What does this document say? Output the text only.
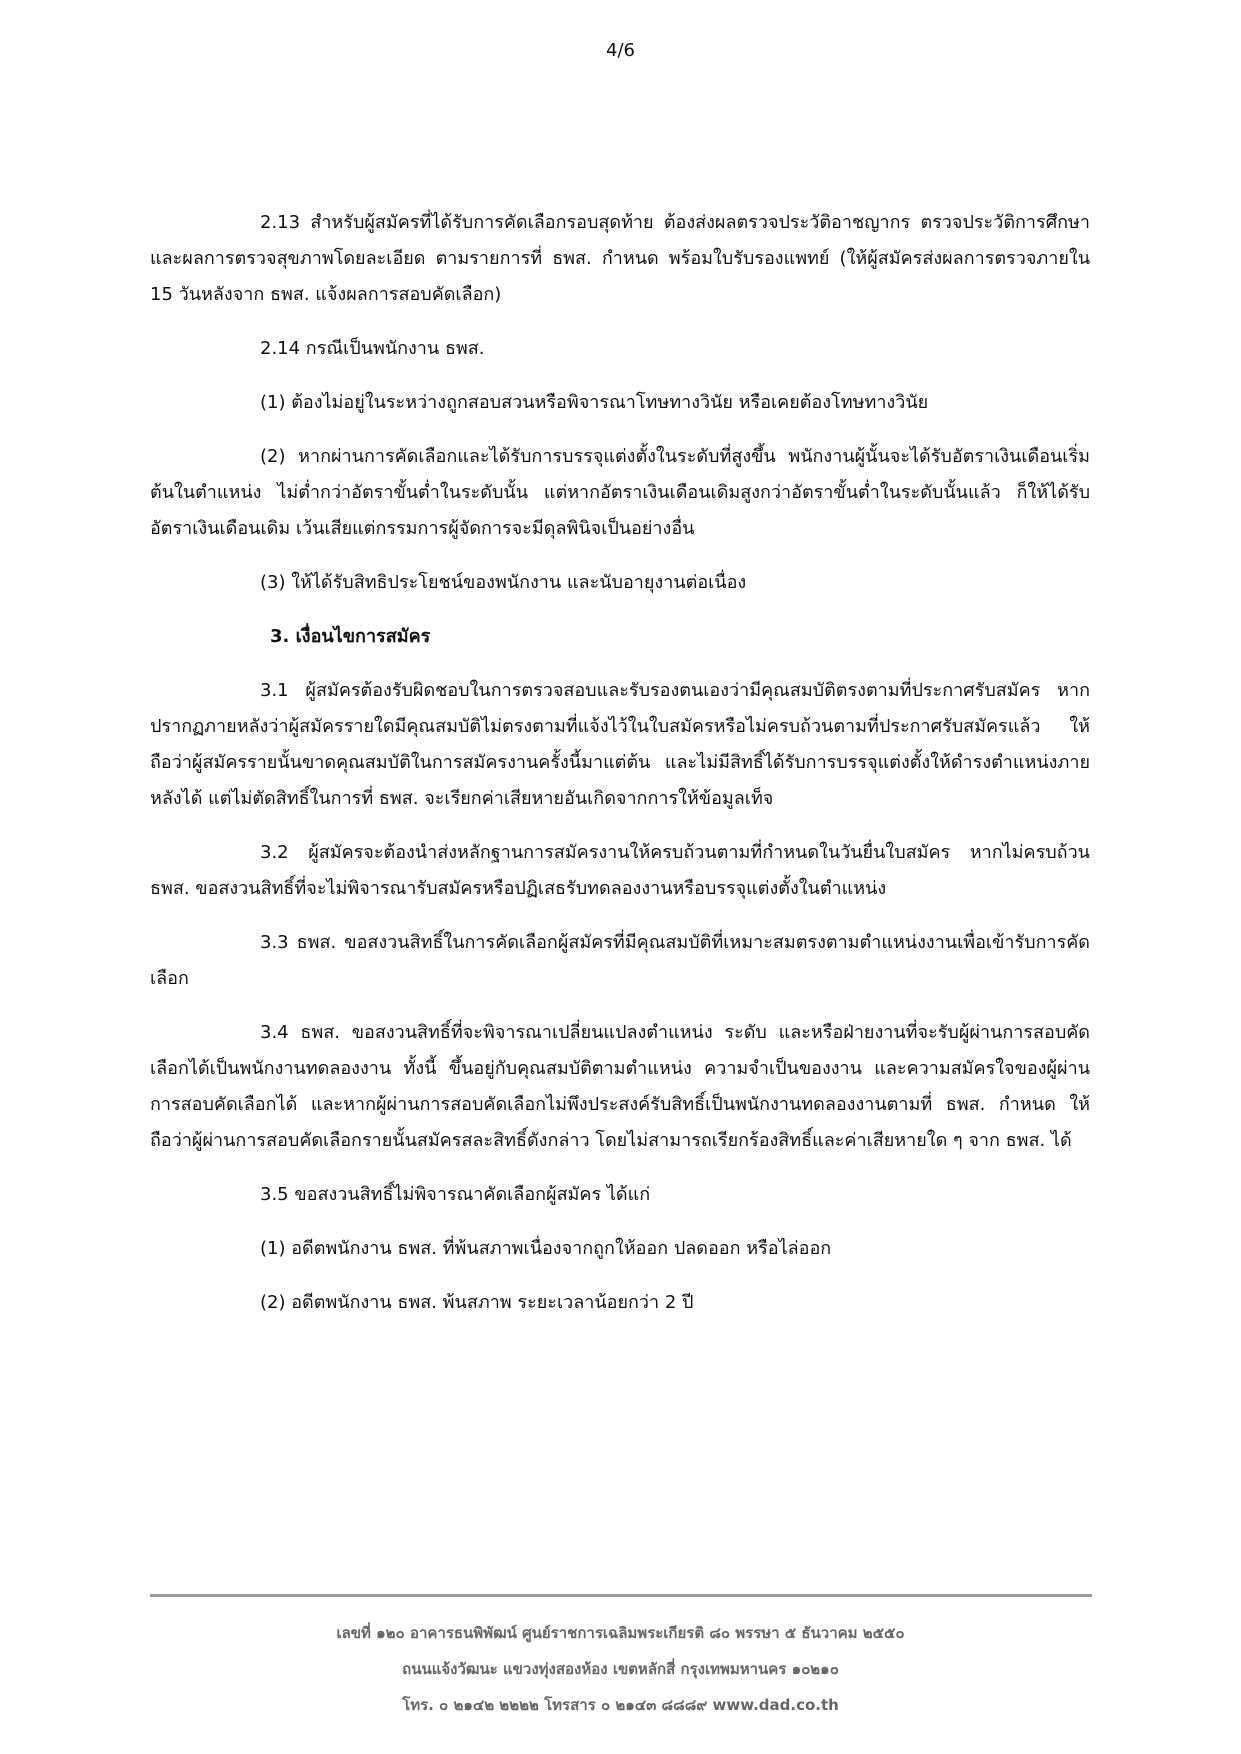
4/6

2.13 สำหรับผู้สมัครที่ได้รับการคัดเลือกรอบสุดท้าย ต้องส่งผลตรวจประวัติอาชญากร ตรวจประวัติการศึกษา และผลการตรวจสุขภาพโดยละเอียด ตามรายการที่ ธพส. กำหนด พร้อมใบรับรองแพทย์ (ให้ผู้สมัครส่งผลการตรวจภายใน 15 วันหลังจาก ธพส. แจ้งผลการสอบคัดเลือก)

2.14 กรณีเป็นพนักงาน ธพส.

(1) ต้องไม่อยู่ในระหว่างถูกสอบสวนหรือพิจารณาโทษทางวินัย หรือเคยต้องโทษทางวินัย

(2) หากผ่านการคัดเลือกและได้รับการบรรจุแต่งตั้งในระดับที่สูงขึ้น พนักงานผู้นั้นจะได้รับอัตราเงินเดือนเริ่มต้นในตำแหน่ง ไม่ต่ำกว่าอัตราขั้นต่ำในระดับนั้น แต่หากอัตราเงินเดือนเดิมสูงกว่าอัตราขั้นต่ำในระดับนั้นแล้ว ก็ให้ได้รับอัตราเงินเดือนเดิม เว้นเสียแต่กรรมการผู้จัดการจะมีดุลพินิจเป็นอย่างอื่น

(3) ให้ได้รับสิทธิประโยชน์ของพนักงาน และนับอายุงานต่อเนื่อง

3. เงื่อนไขการสมัคร

3.1 ผู้สมัครต้องรับผิดชอบในการตรวจสอบและรับรองตนเองว่ามีคุณสมบัติตรงตามที่ประกาศรับสมัคร หากปรากฏภายหลังว่าผู้สมัครรายใดมีคุณสมบัติไม่ตรงตามที่แจ้งไว้ในใบสมัครหรือไม่ครบถ้วนตามที่ประกาศรับสมัครแล้ว ให้ถือว่าผู้สมัครรายนั้นขาดคุณสมบัติในการสมัครงานครั้งนี้มาแต่ต้น และไม่มีสิทธิ์ได้รับการบรรจุแต่งตั้งให้ดำรงตำแหน่งภายหลังได้ แต่ไม่ตัดสิทธิ์ในการที่ ธพส. จะเรียกค่าเสียหายอันเกิดจากการให้ข้อมูลเท็จ

3.2 ผู้สมัครจะต้องนำส่งหลักฐานการสมัครงานให้ครบถ้วนตามที่กำหนดในวันยื่นใบสมัคร หากไม่ครบถ้วน ธพส. ขอสงวนสิทธิ์ที่จะไม่พิจารณารับสมัครหรือปฏิเสธรับทดลองงานหรือบรรจุแต่งตั้งในตำแหน่ง

3.3 ธพส. ขอสงวนสิทธิ์ในการคัดเลือกผู้สมัครที่มีคุณสมบัติที่เหมาะสมตรงตามตำแหน่งงานเพื่อเข้ารับการคัดเลือก

3.4 ธพส. ขอสงวนสิทธิ์ที่จะพิจารณาเปลี่ยนแปลงตำแหน่ง ระดับ และหรือฝ่ายงานที่จะรับผู้ผ่านการสอบคัดเลือกได้เป็นพนักงานทดลองงาน ทั้งนี้ ขึ้นอยู่กับคุณสมบัติตามตำแหน่ง ความจำเป็นของงาน และความสมัครใจของผู้ผ่านการสอบคัดเลือกได้ และหากผู้ผ่านการสอบคัดเลือกไม่พึงประสงค์รับสิทธิ์เป็นพนักงานทดลองงานตามที่ ธพส. กำหนด ให้ถือว่าผู้ผ่านการสอบคัดเลือกรายนั้นสมัครสละสิทธิ์ดังกล่าว โดยไม่สามารถเรียกร้องสิทธิ์และค่าเสียหายใด ๆ จาก ธพส. ได้

3.5 ขอสงวนสิทธิ์ไม่พิจารณาคัดเลือกผู้สมัคร ได้แก่

(1) อดีตพนักงาน ธพส. ที่พ้นสภาพเนื่องจากถูกให้ออก ปลดออก หรือไล่ออก

(2) อดีตพนักงาน ธพส. พ้นสภาพ ระยะเวลาน้อยกว่า 2 ปี

เลขที่ ๑๒๐ อาคารธนพิพัฒน์ ศูนย์ราชการเฉลิมพระเกียรติ ๘๐ พรรษา ๕ ธันวาคม ๒๕๕๐
ถนนแจ้งวัฒนะ แขวงทุ่งสองห้อง เขตหลักสี่ กรุงเทพมหานคร ๑๐๒๑๐
โทร. ๐ ๒๑๔๒ ๒๒๒๒ โทรสาร ๐ ๒๑๔๓ ๘๘๘๙ www.dad.co.th
